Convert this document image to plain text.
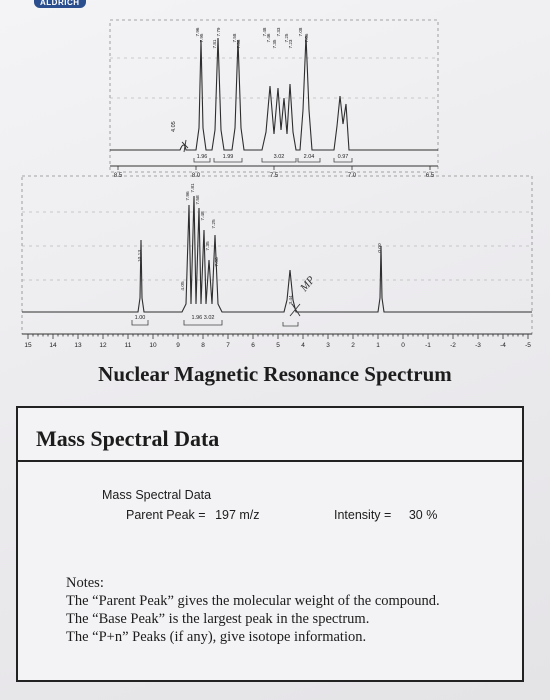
ALDRICH
8.5	8.0	7.5	7.0	6.5
15	14	13	12	11	10	9	8	7	6	5	4	3	2	1	0	-1	-2	-3	-4	-5
7.96
7.95
7.81
7.79
7.58
7.56
7.48
7.46
7.35
7.33
7.25
7.23
7.08
7.06
10.13
4.05
7.96
7.81
7.58
7.48
7.35
7.25
7.06
0.00
3.44
1.96	1.99	3.02	2.04	0.97
1.00	1.96 3.02
MP
4.05
Nuclear Magnetic Resonance Spectrum
Mass Spectral Data
Mass Spectral Data
Parent Peak = 197 m/z	Intensity = 30 %
Notes:
The “Parent Peak” gives the molecular weight of the compound.
The “Base Peak” is the largest peak in the spectrum.
The “P+n” Peaks (if any), give isotope information.
